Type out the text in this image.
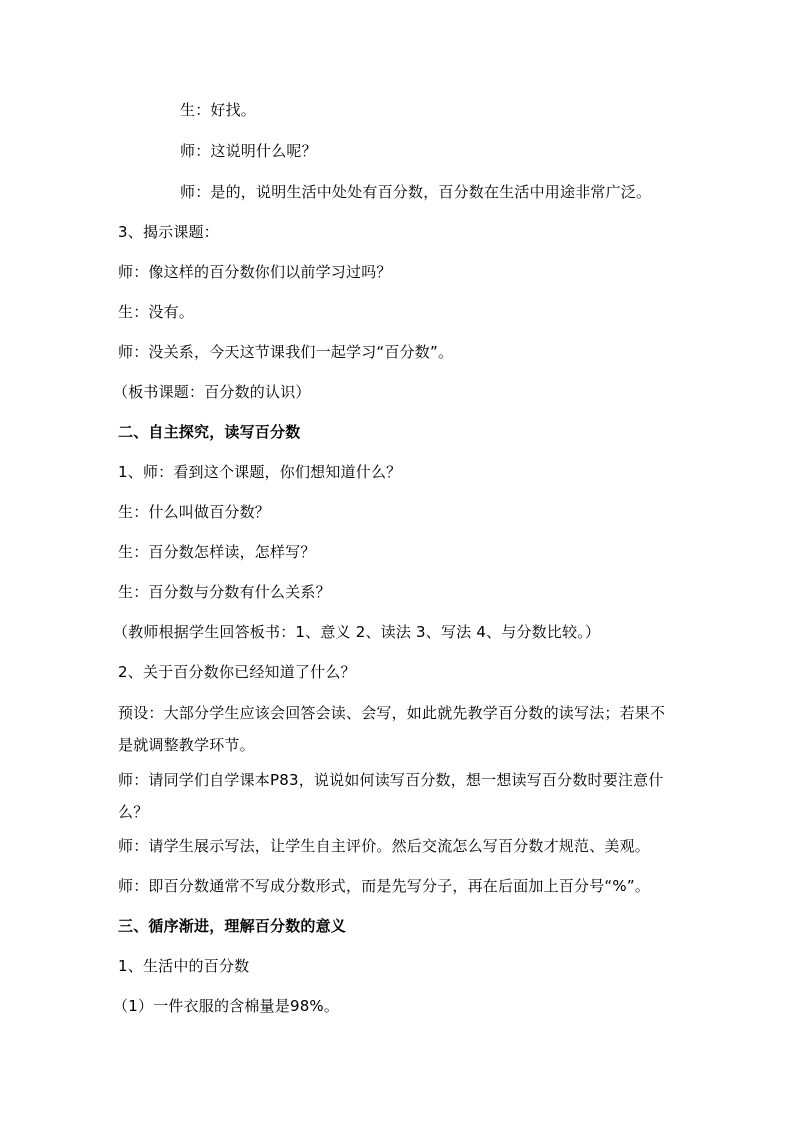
生：好找。
师：这说明什么呢？
师：是的，说明生活中处处有百分数，百分数在生活中用途非常广泛。
3、揭示课题：
师：像这样的百分数你们以前学习过吗？
生：没有。
师：没关系，今天这节课我们一起学习“百分数”。
（板书课题：百分数的认识）
二、自主探究，读写百分数
1、师：看到这个课题，你们想知道什么？
生：什么叫做百分数？
生：百分数怎样读，怎样写？
生：百分数与分数有什么关系？
（教师根据学生回答板书：1、意义 2、读法 3、写法 4、与分数比较。）
2、关于百分数你已经知道了什么？
预设：大部分学生应该会回答会读、会写，如此就先教学百分数的读写法；若果不是就调整教学环节。
师：请同学们自学课本P83，说说如何读写百分数，想一想读写百分数时要注意什么？
师：请学生展示写法，让学生自主评价。然后交流怎么写百分数才规范、美观。
师：即百分数通常不写成分数形式，而是先写分子，再在后面加上百分号“%”。
三、循序渐进，理解百分数的意义
1、生活中的百分数
（1）一件衣服的含棉量是98%。
